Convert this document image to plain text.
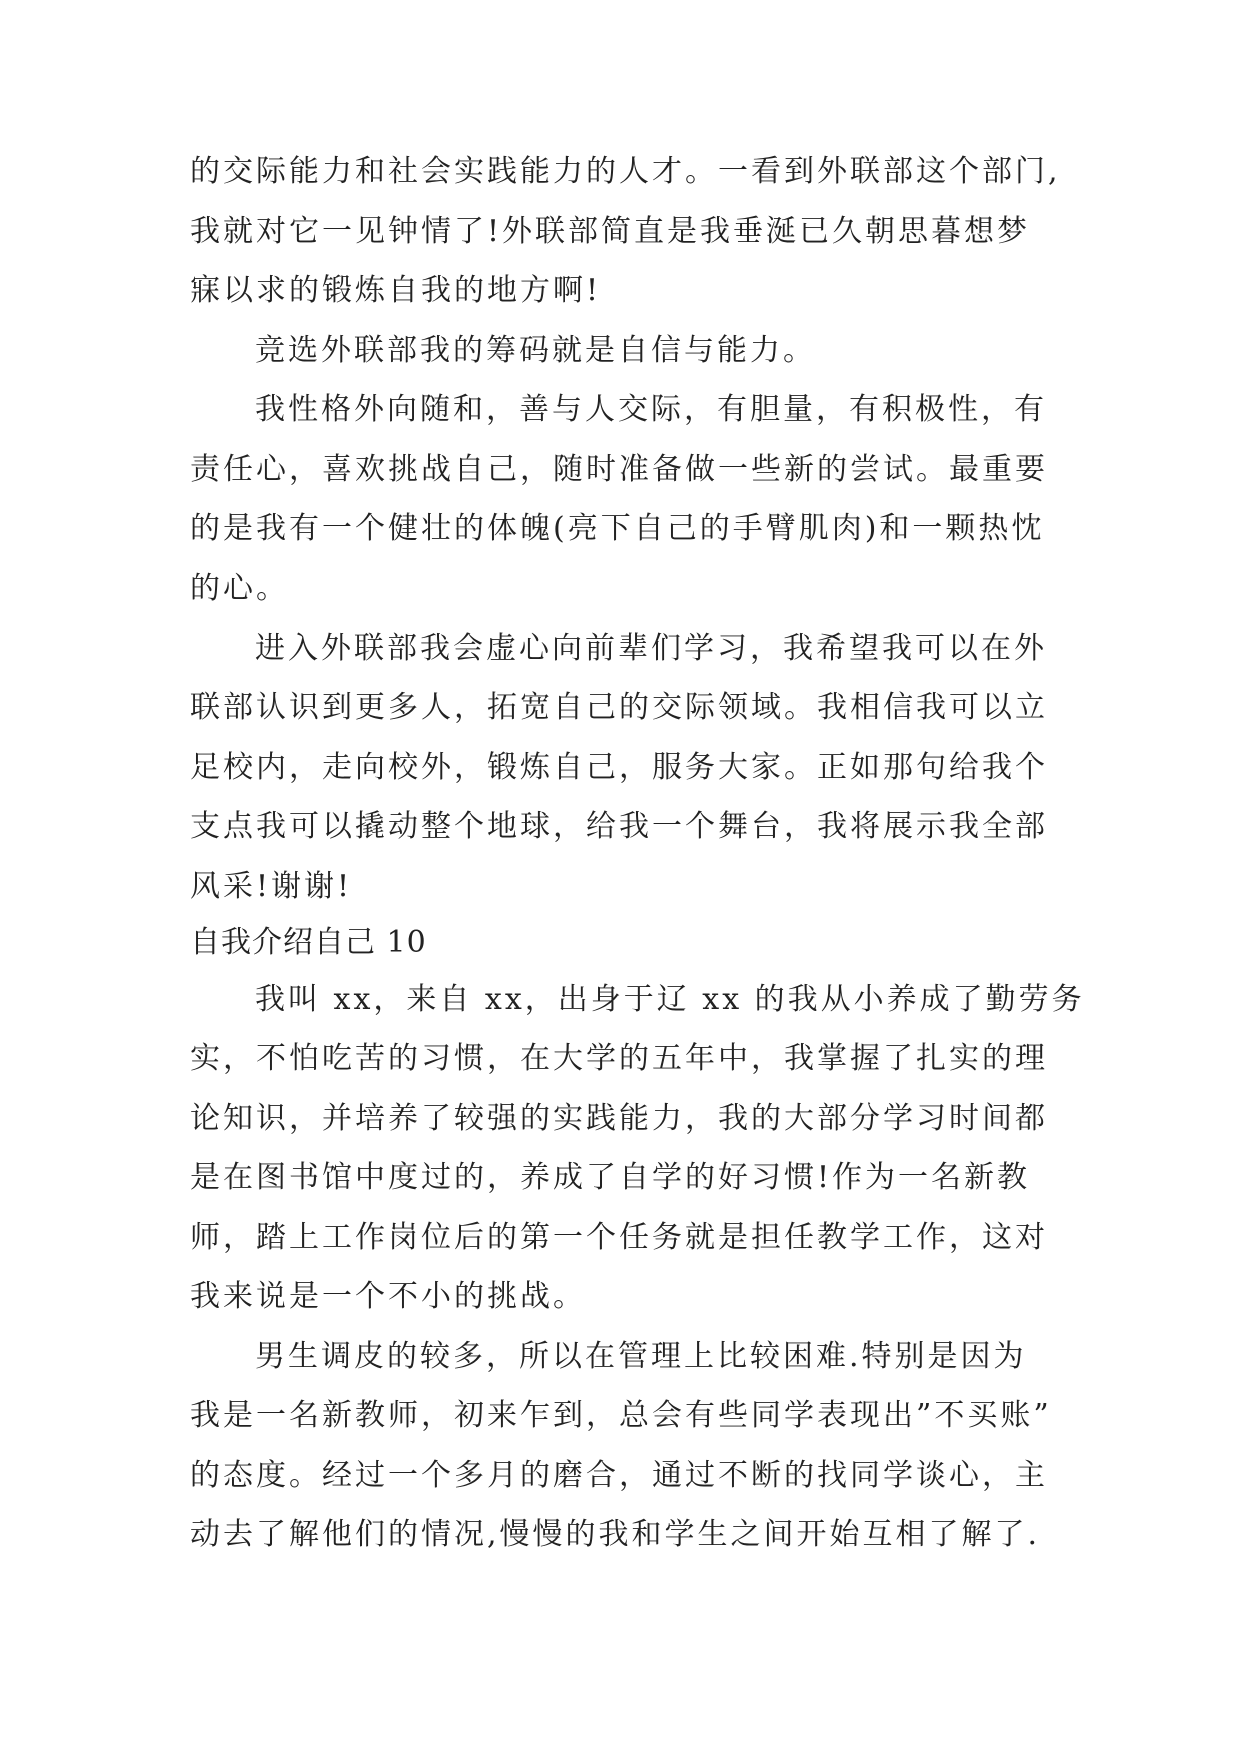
的交际能力和社会实践能力的人才。一看到外联部这个部门,

我就对它一见钟情了!外联部简直是我垂涎已久朝思暮想梦

寐以求的锻炼自我的地方啊!

竞选外联部我的筹码就是自信与能力。

我性格外向随和，善与人交际，有胆量，有积极性，有

责任心，喜欢挑战自己，随时准备做一些新的尝试。最重要

的是我有一个健壮的体魄(亮下自己的手臂肌肉)和一颗热忱

的心。

进入外联部我会虚心向前辈们学习，我希望我可以在外

联部认识到更多人，拓宽自己的交际领域。我相信我可以立

足校内，走向校外，锻炼自己，服务大家。正如那句给我个

支点我可以撬动整个地球，给我一个舞台，我将展示我全部

风采!谢谢!

自我介绍自己 10

我叫 xx，来自 xx，出身于辽 xx 的我从小养成了勤劳务

实，不怕吃苦的习惯，在大学的五年中，我掌握了扎实的理

论知识，并培养了较强的实践能力，我的大部分学习时间都

是在图书馆中度过的，养成了自学的好习惯!作为一名新教

师，踏上工作岗位后的第一个任务就是担任教学工作，这对

我来说是一个不小的挑战。

男生调皮的较多，所以在管理上比较困难.特别是因为

我是一名新教师，初来乍到，总会有些同学表现出”不买账”

的态度。经过一个多月的磨合，通过不断的找同学谈心，主

动去了解他们的情况,慢慢的我和学生之间开始互相了解了.
